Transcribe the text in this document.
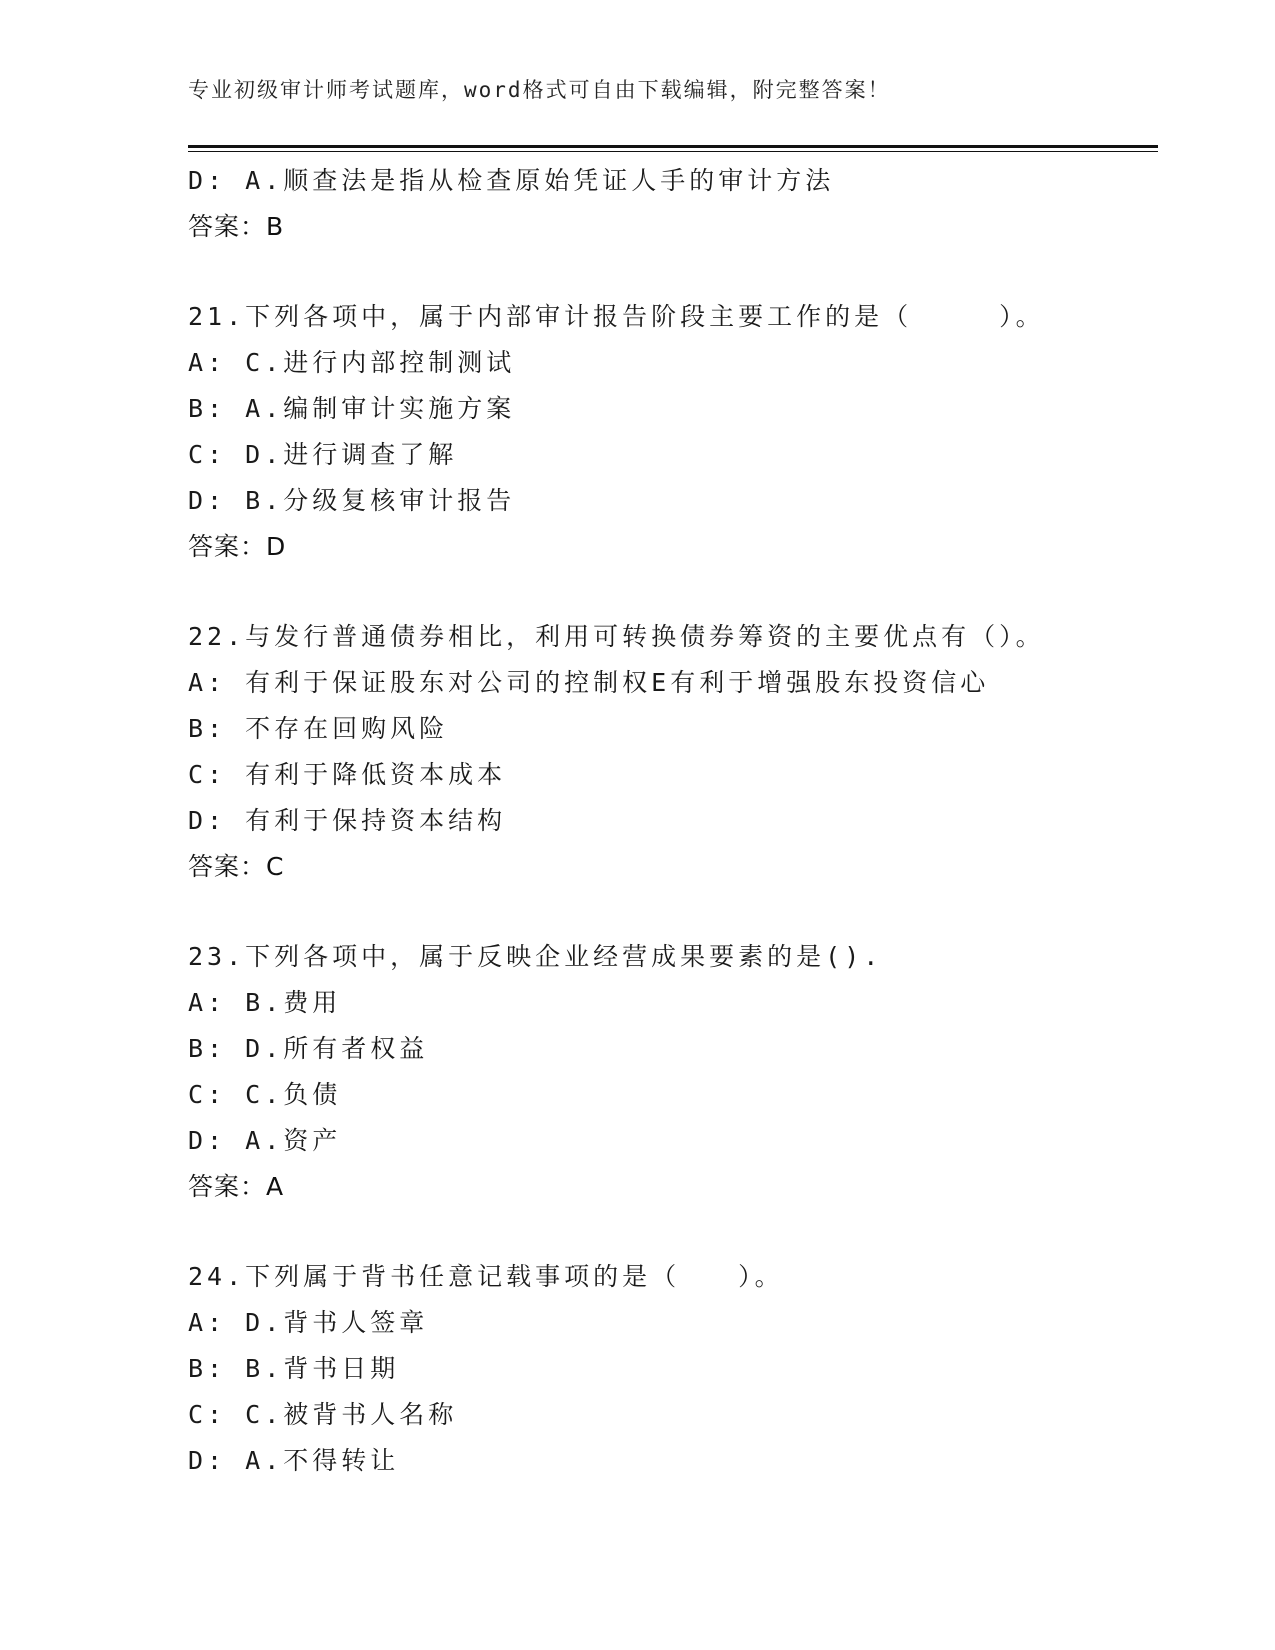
专业初级审计师考试题库，word格式可自由下载编辑，附完整答案！
D: A.顺查法是指从检查原始凭证人手的审计方法
答案：B
21.下列各项中，属于内部审计报告阶段主要工作的是（　　　）。
A: C.进行内部控制测试
B: A.编制审计实施方案
C: D.进行调查了解
D: B.分级复核审计报告
答案：D
22.与发行普通债券相比，利用可转换债券筹资的主要优点有（）。
A: 有利于保证股东对公司的控制权E有利于增强股东投资信心
B: 不存在回购风险
C: 有利于降低资本成本
D: 有利于保持资本结构
答案：C
23.下列各项中，属于反映企业经营成果要素的是().
A: B.费用
B: D.所有者权益
C: C.负债
D: A.资产
答案：A
24.下列属于背书任意记载事项的是（　　）。
A: D.背书人签章
B: B.背书日期
C: C.被背书人名称
D: A.不得转让
